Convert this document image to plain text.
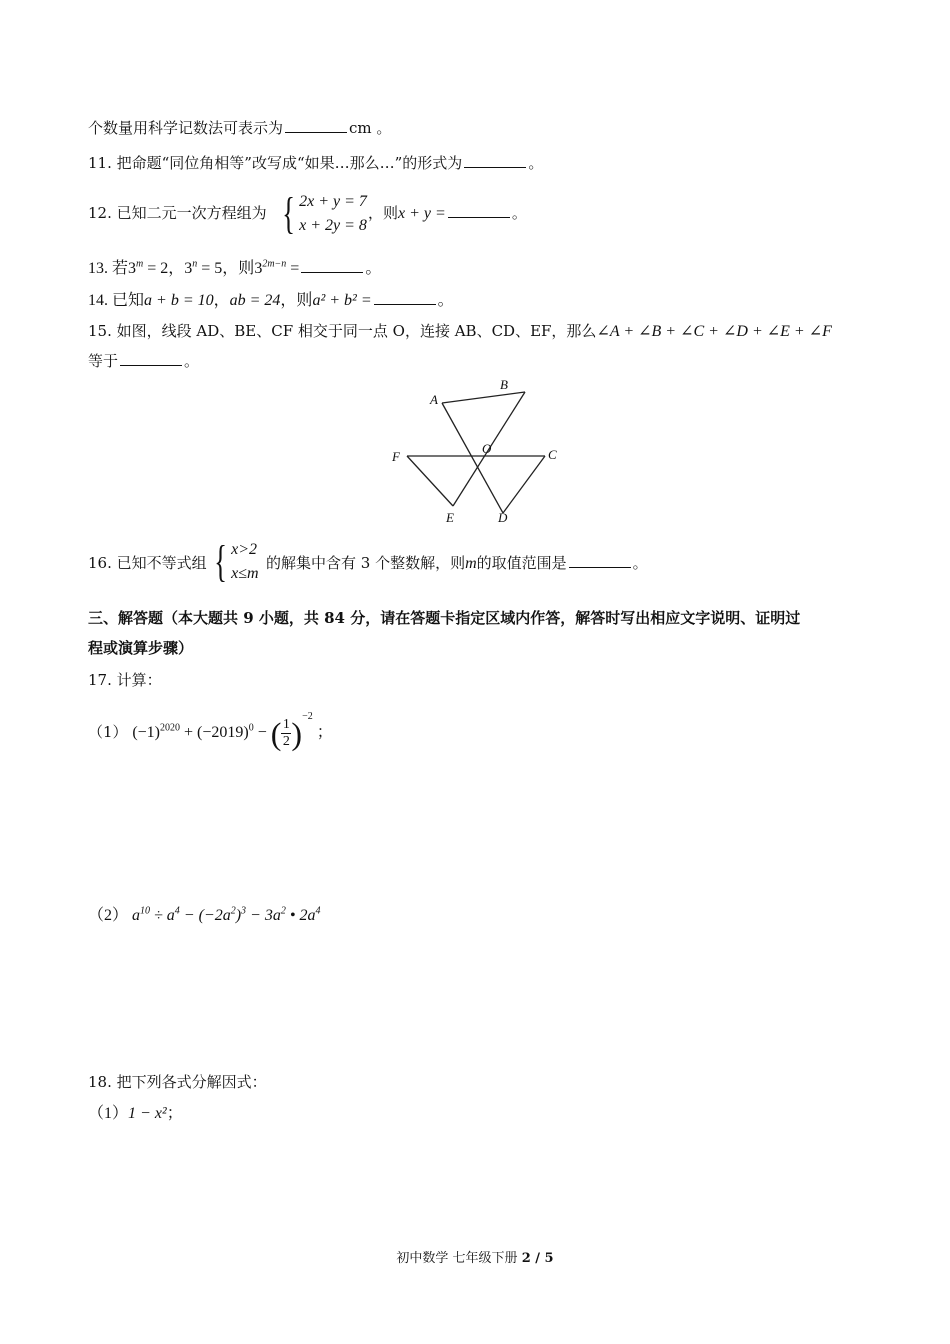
个数量用科学记数法可表示为	cm 。
11. 把命题“同位角相等”改写成“如果…那么…”的形式为	。
12. 已知二元一次方程组为 { 2x + y = 7
x + 2y = 8
，则x + y =	。
13. 若$3^m = 2$，$3^n = 5$，则$3^{2m-n}$ =	。
14. 已知a + b = 10，ab = 24，则a² + b² =	。
15. 如图，线段 AD、BE、CF 相交于同一点 O，连接 AB、CD、EF，那么∠A + ∠B + ∠C + ∠D + ∠E + ∠F
等于	。
A
B
O	C
F
E	D
16. 已知不等式组 { x>2
x≤m
的解集中含有 3 个整数解，则m的取值范围是	。
三、解答题（本大题共 9 小题，共 84 分，请在答题卡指定区域内作答，解答时写出相应文字说明、证明过
程或演算步骤）
17. 计算：
（1） $(-1)^{2020} + (-2019)^0$ − ( $\frac{1}{2} )^{-2}$ ；
（2） $a^{10} \div a^4 - (-2a^2)^3 - 3a^2$ • $2a^4$
18. 把下列各式分解因式：
（1）1 − x²；
初中数学 七年级下册 2 / 5
